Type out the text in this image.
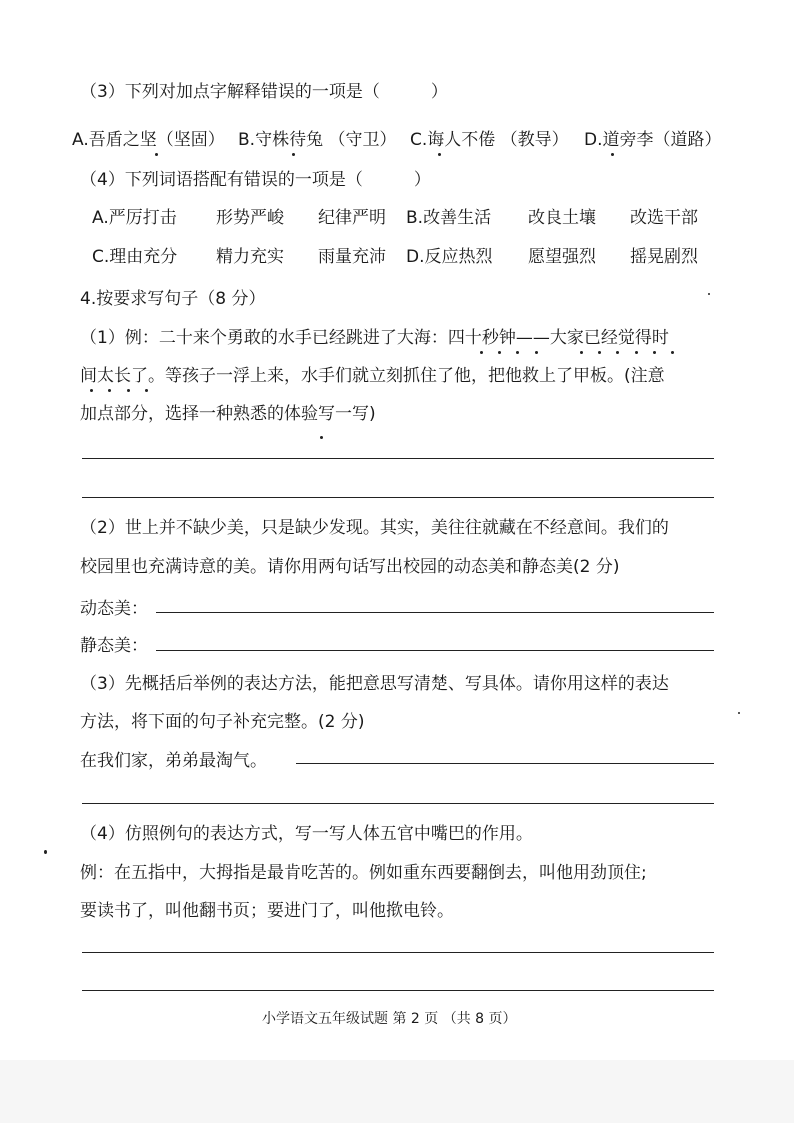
（3）下列对加点字解释错误的一项是（　　　）
A.吾盾之坚（坚固） B.守株待兔 （守卫） C.诲人不倦 （教导） D.道旁李（道路）
（4）下列词语搭配有错误的一项是（　　　）
A.严厉打击 形势严峻 纪律严明 B.改善生活 改良土壤 改选干部
C.理由充分 精力充实 雨量充沛 D.反应热烈 愿望强烈 摇晃剧烈
4.按要求写句子（8 分）
（1）例：二十来个勇敢的水手已经跳进了大海：四十秒钟——大家已经觉得时
间太长了。等孩子一浮上来，水手们就立刻抓住了他，把他救上了甲板。(注意
加点部分，选择一种熟悉的体验写一写)
（2）世上并不缺少美，只是缺少发现。其实，美往往就藏在不经意间。我们的
校园里也充满诗意的美。请你用两句话写出校园的动态美和静态美(2 分)
动态美：
静态美：
（3）先概括后举例的表达方法，能把意思写清楚、写具体。请你用这样的表达
方法，将下面的句子补充完整。(2 分)
在我们家，弟弟最淘气。
（4）仿照例句的表达方式，写一写人体五官中嘴巴的作用。
例：在五指中，大拇指是最肯吃苦的。例如重东西要翻倒去，叫他用劲顶住;
要读书了，叫他翻书页；要进门了，叫他揿电铃。
小学语文五年级试题 第 2 页 （共 8 页）
